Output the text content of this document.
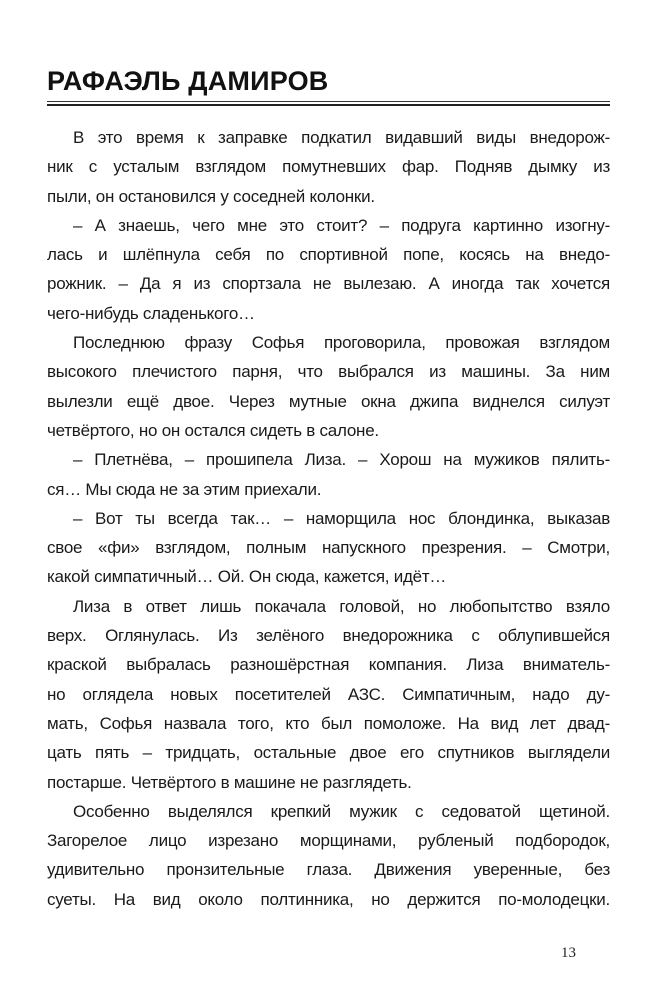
РАФАЭЛЬ ДАМИРОВ
В это время к заправке подкатил видавший виды внедорож-
ник с усталым взглядом помутневших фар. Подняв дымку из
пыли, он остановился у соседней колонки.
– А знаешь, чего мне это стоит? – подруга картинно изогну-
лась и шлёпнула себя по спортивной попе, косясь на внедо-
рожник. – Да я из спортзала не вылезаю. А иногда так хочется
чего-нибудь сладенького…
Последнюю фразу Софья проговорила, провожая взглядом
высокого плечистого парня, что выбрался из машины. За ним
вылезли ещё двое. Через мутные окна джипа виднелся силуэт
четвёртого, но он остался сидеть в салоне.
– Плетнёва, – прошипела Лиза. – Хорош на мужиков пялить-
ся… Мы сюда не за этим приехали.
– Вот ты всегда так… – наморщила нос блондинка, выказав
свое «фи» взглядом, полным напускного презрения. – Смотри,
какой симпатичный… Ой. Он сюда, кажется, идёт…
Лиза в ответ лишь покачала головой, но любопытство взяло
верх. Оглянулась. Из зелёного внедорожника с облупившейся
краской выбралась разношёрстная компания. Лиза вниматель-
но оглядела новых посетителей АЗС. Симпатичным, надо ду-
мать, Софья назвала того, кто был помоложе. На вид лет двад-
цать пять – тридцать, остальные двое его спутников выглядели
постарше. Четвёртого в машине не разглядеть.
Особенно выделялся крепкий мужик с седоватой щетиной.
Загорелое лицо изрезано морщинами, рубленый подбородок,
удивительно пронзительные глаза. Движения уверенные, без
суеты. На вид около полтинника, но держится по-молодецки.
13
